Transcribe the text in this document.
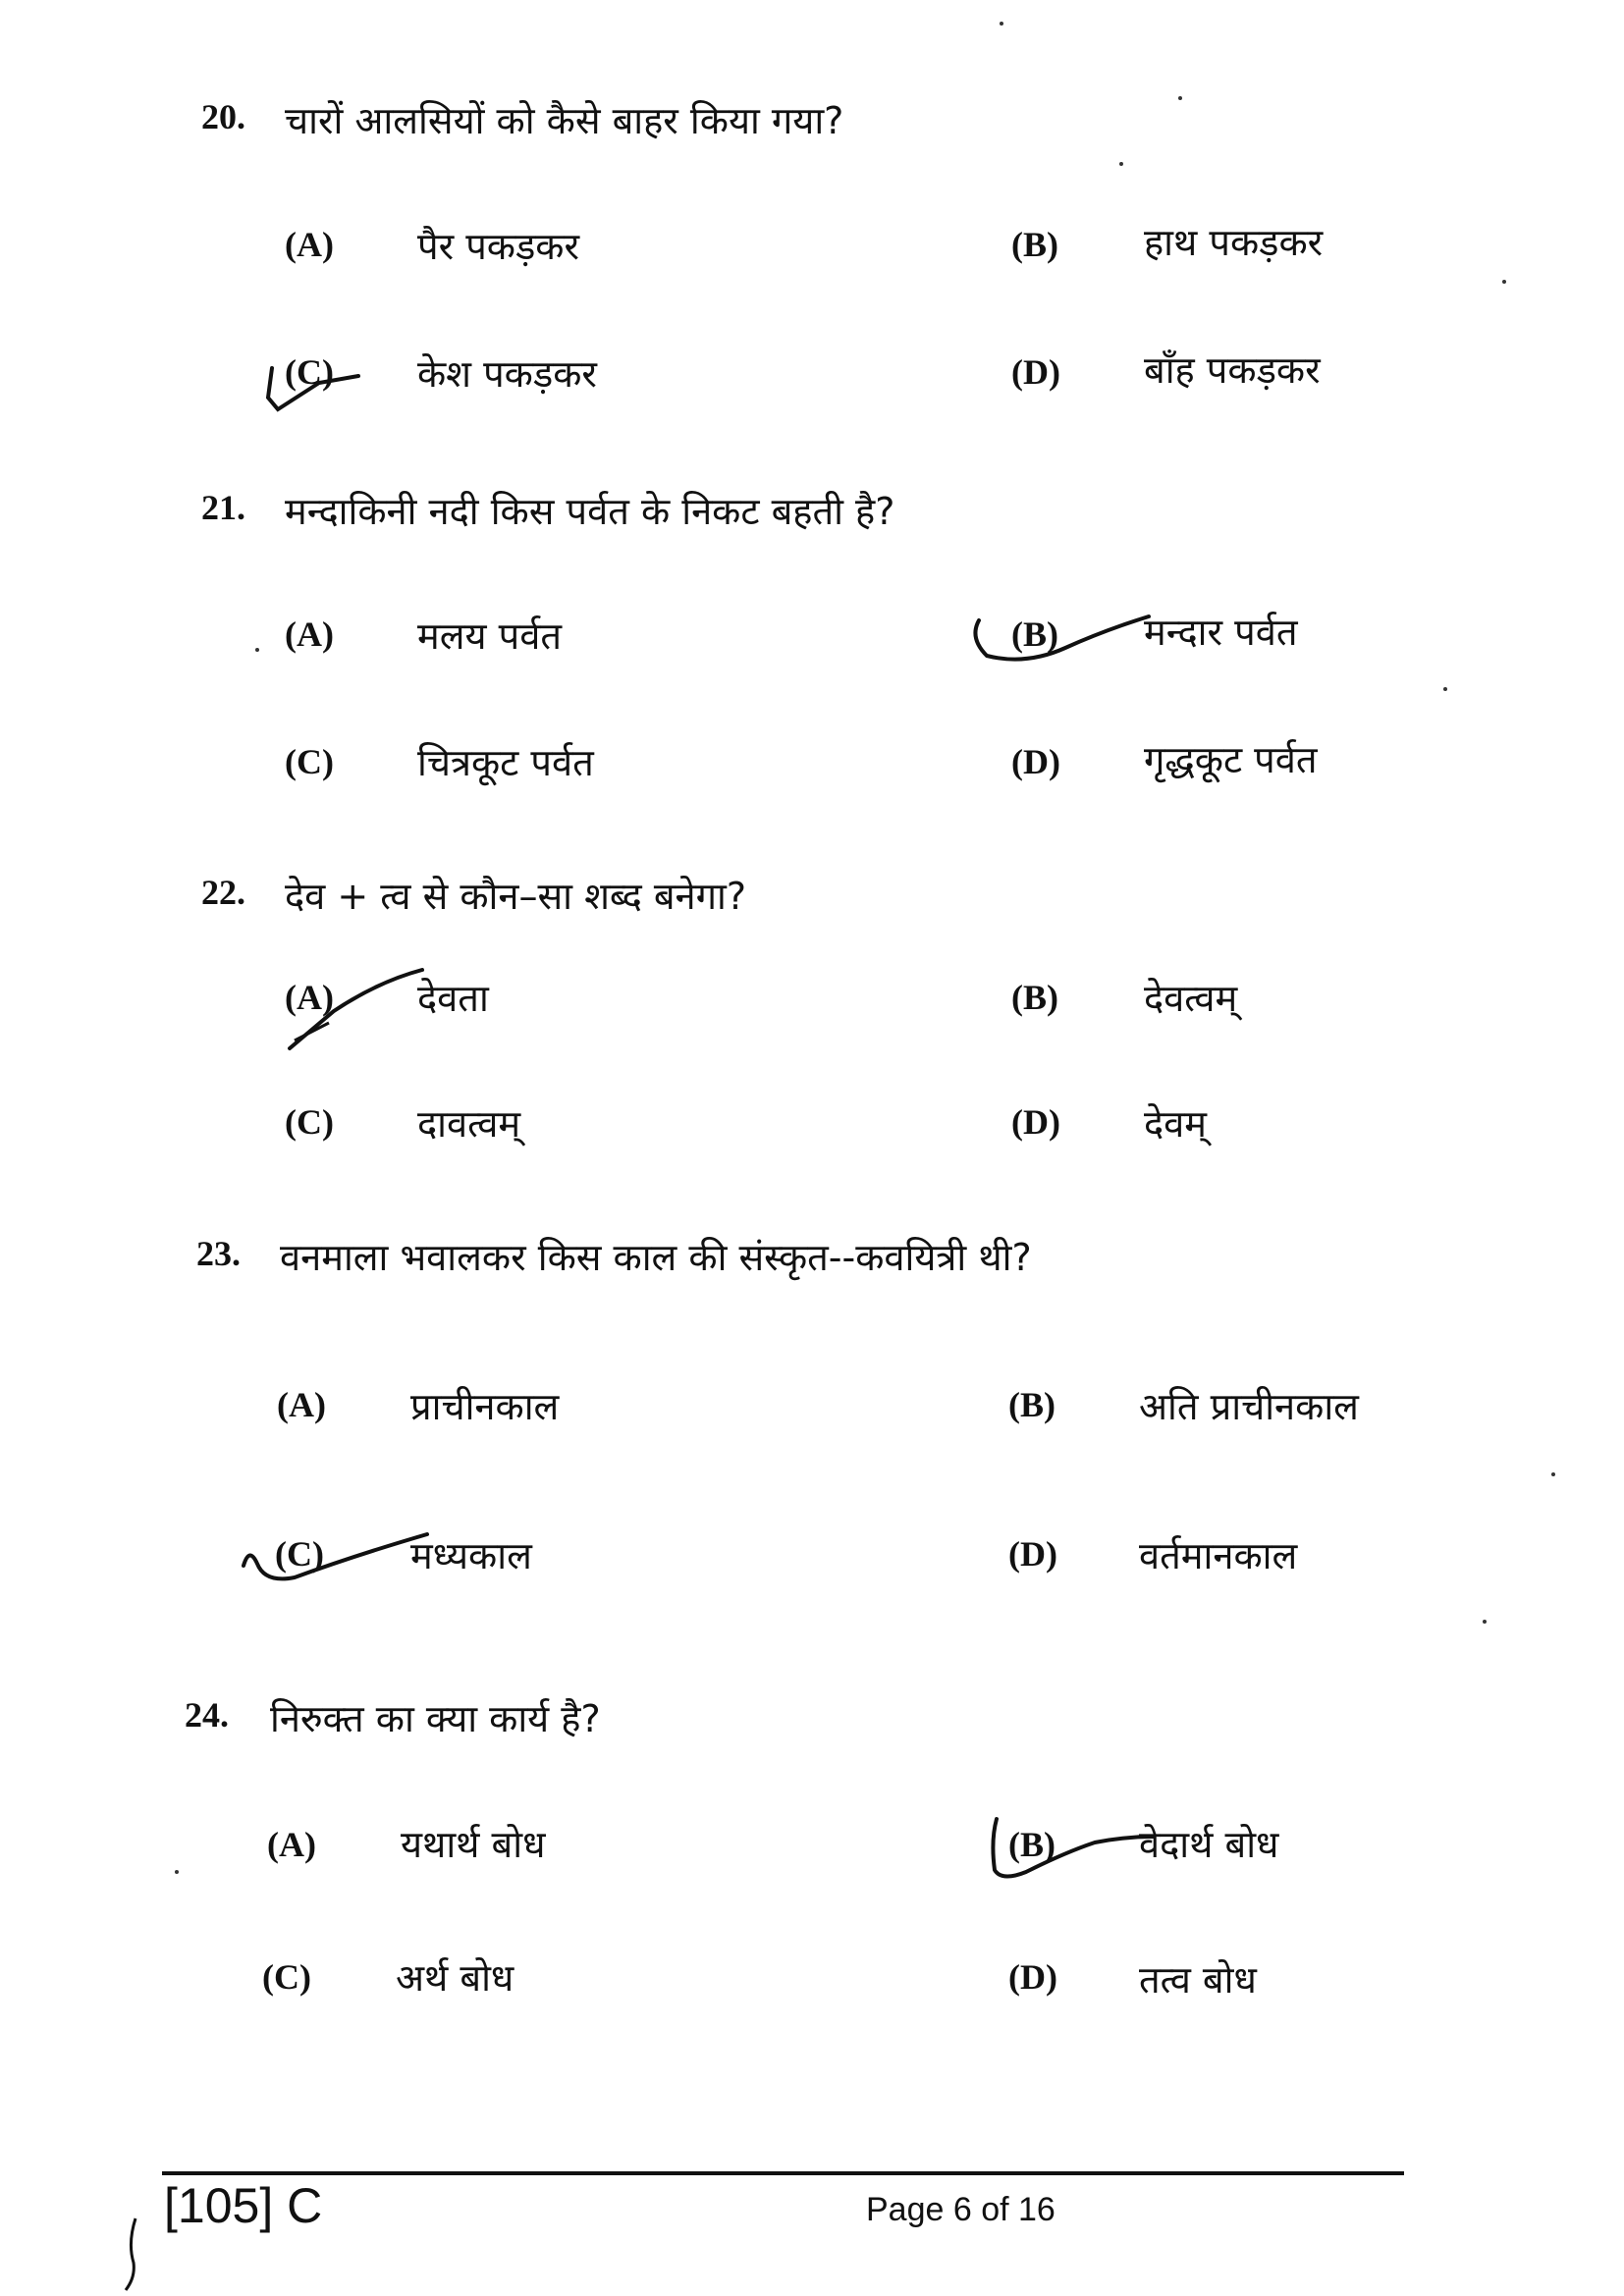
20. चारों आलसियों को कैसे बाहर किया गया?
(A) पैर पकड़कर	(B) हाथ पकड़कर
(C) केश पकड़कर	(D) बाँह पकड़कर
21. मन्दाकिनी नदी किस पर्वत के निकट बहती है?
(A) मलय पर्वत	(B) मन्दार पर्वत
(C) चित्रकूट पर्वत	(D) गृद्धकूट पर्वत
22. देव + त्व से कौन–सा शब्द बनेगा?
(A) देवता	(B) देवत्वम्
(C) दावत्वम्	(D) देवम्
23. वनमाला भवालकर किस काल की संस्कृत--कवयित्री थी?
(A) प्राचीनकाल	(B) अति प्राचीनकाल
(C) मध्यकाल	(D) वर्तमानकाल
24. निरुक्त का क्या कार्य है?
(A) यथार्थ बोध	(B) वेदार्थ बोध
(C) अर्थ बोध	(D) तत्व बोध
[105] C	Page 6 of 16
